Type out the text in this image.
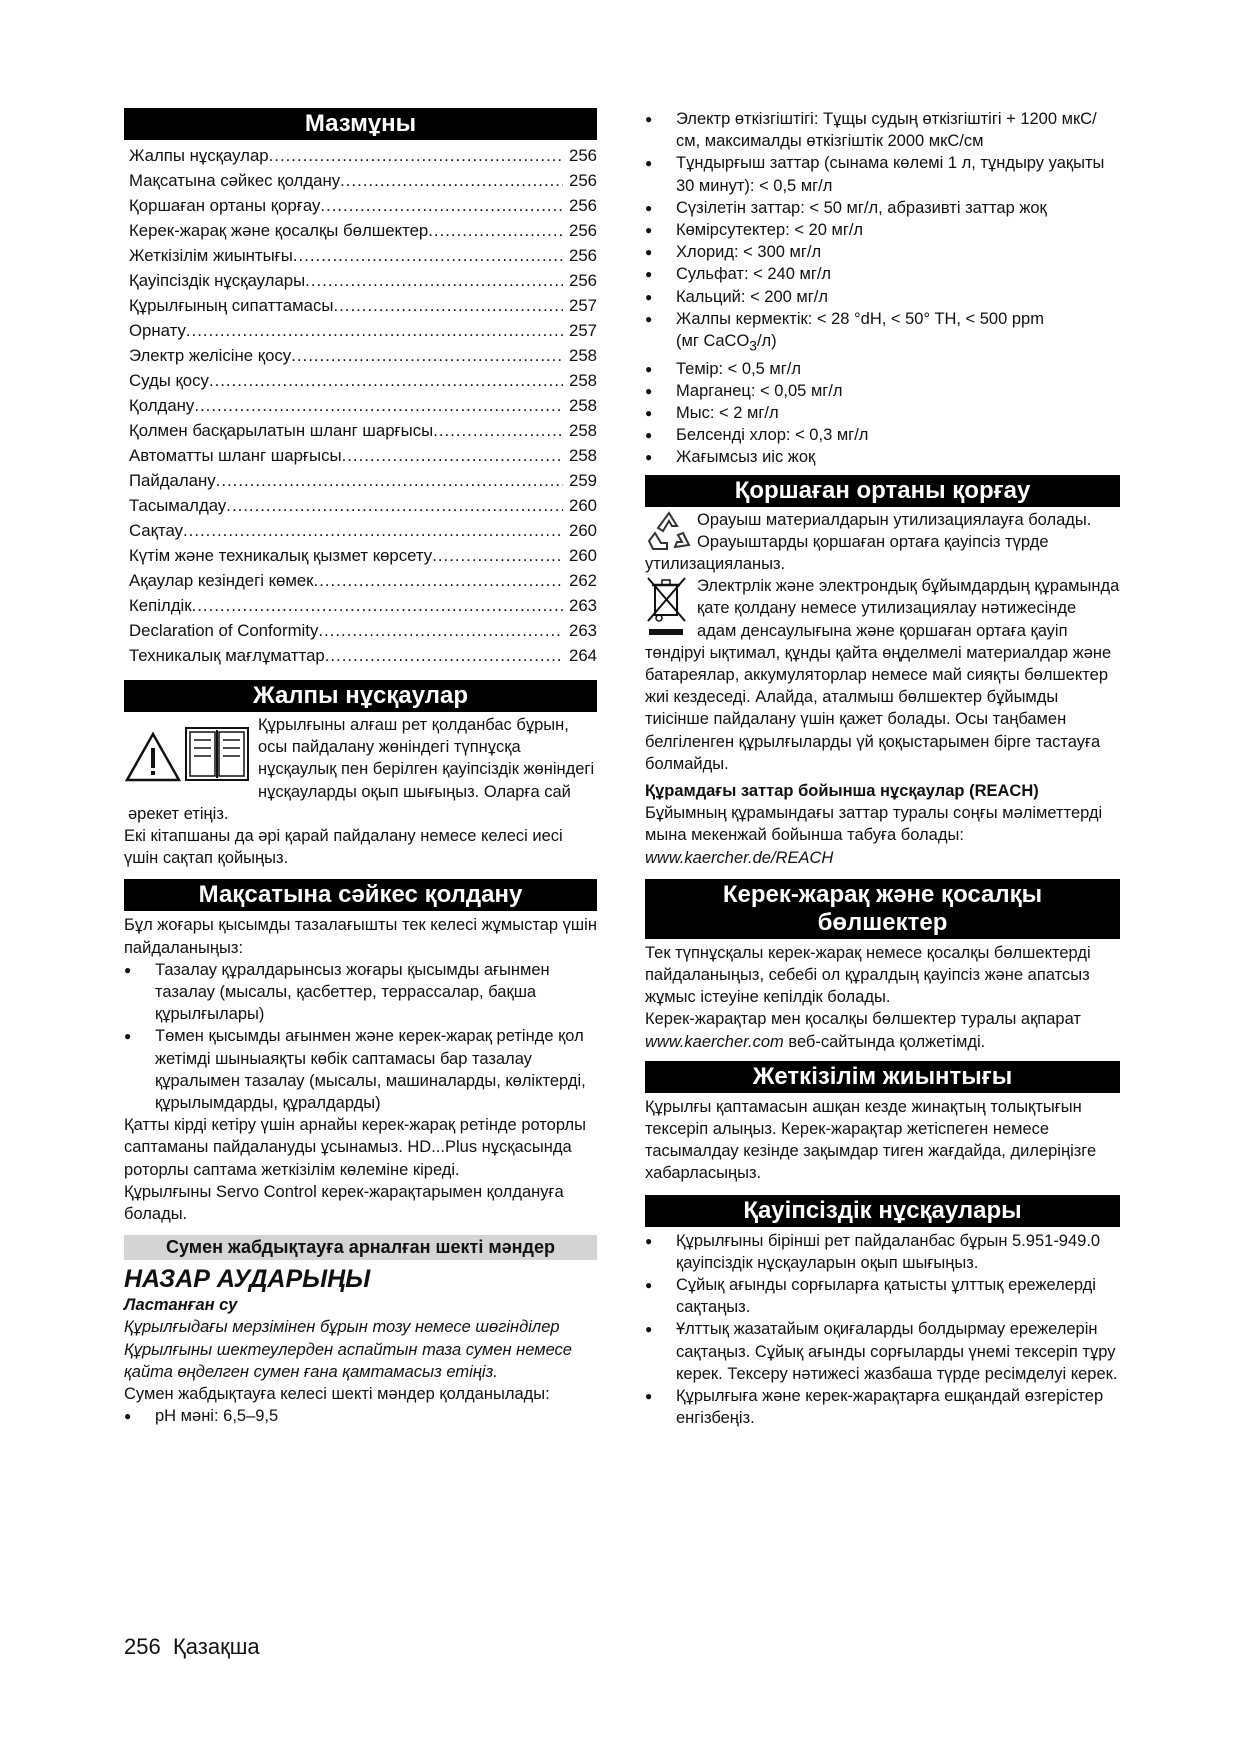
Мазмұны
Жалпы нұсқаулар .....	256
Мақсатына сәйкес қолдану .....	256
Қоршаған ортаны қорғау .....	256
Керек-жарақ және қосалқы бөлшектер .....	256
Жеткізілім жиынтығы .....	256
Қауіпсіздік нұсқаулары .....	256
Құрылғының сипаттамасы .....	257
Орнату .....	257
Электр желісіне қосу .....	258
Суды қосу .....	258
Қолдану .....	258
Қолмен басқарылатын шланг шарғысы .....	258
Автоматты шланг шарғысы .....	258
Пайдалану .....	259
Тасымалдау .....	260
Сақтау .....	260
Күтім және техникалық қызмет көрсету .....	260
Ақаулар кезіндегі көмек .....	262
Кепілдік .....	263
Declaration of Conformity .....	263
Техникалық мағлұматтар .....	264
Жалпы нұсқаулар
Құрылғыны алғаш рет қолданбас бұрын, осы пайдалану жөніндегі түпнұсқа нұсқаулық пен берілген қауіпсіздік жөніндегі нұсқауларды оқып шығыңыз. Оларға сай әрекет етіңіз.
Екі кітапшаны да әрі қарай пайдалану немесе келесі иесі үшін сақтап қойыңыз.
Мақсатына сәйкес қолдану
Бұл жоғары қысымды тазалағышты тек келесі жұмыстар үшін пайдаланыңыз:
● Тазалау құралдарынсыз жоғары қысымды ағынмен тазалау (мысалы, қасбеттер, террассалар, бақша құрылғылары)
● Төмен қысымды ағынмен және керек-жарақ ретінде қол жетімді шыныаяқты көбік саптамасы бар тазалау құралымен тазалау (мысалы, машиналарды, көліктерді, құрылымдарды, құралдарды)
Қатты кірді кетіру үшін арнайы керек-жарақ ретінде роторлы саптаманы пайдалануды ұсынамыз. HD...Plus нұсқасында роторлы саптама жеткізілім көлеміне кіреді.
Құрылғыны Servo Control керек-жарақтарымен қолдануға болады.
Сумен жабдықтауға арналған шекті мәндер
НАЗАР АУДАРЫҢЫ
Ластанған су
Құрылғыдағы мерзімінен бұрын тозу немесе шөгінділер
Құрылғыны шектеулерден аспайтын таза сумен немесе қайта өңделген сумен ғана қамтамасыз етіңіз.
Сумен жабдықтауға келесі шекті мәндер қолданылады:
● pH мәні: 6,5–9,5
● Электр өткізгіштігі: Тұщы судың өткізгіштігі + 1200 мкС/см, максималды өткізгіштік 2000 мкС/см
● Тұндырғыш заттар (сынама көлемі 1 л, тұндыру уақыты 30 минут): < 0,5 мг/л
● Сүзілетін заттар: < 50 мг/л, абразивті заттар жоқ
● Көмірсутектер: < 20 мг/л
● Хлорид: < 300 мг/л
● Сульфат: < 240 мг/л
● Кальций: < 200 мг/л
● Жалпы кермектік: < 28 °dH, < 50° TH, < 500 ppm
(мг CaCO$_3$/л)
● Темір: < 0,5 мг/л
● Марганец: < 0,05 мг/л
● Мыс: < 2 мг/л
● Белсенді хлор: < 0,3 мг/л
● Жағымсыз иіс жоқ
Қоршаған ортаны қорғау
Орауыш материалдарын утилизациялауға болады. Орауыштарды қоршаған ортаға қауіпсіз түрде утилизацияланыз.
Электрлік және электрондық бұйымдардың құрамында қате қолдану немесе утилизациялау нәтижесінде адам денсаулығына және қоршаған ортаға қауіп төндіруі ықтимал, құнды қайта өңделмелі материалдар және батареялар, аккумуляторлар немесе май сияқты бөлшектер жиі кездеседі. Алайда, аталмыш бөлшектер бұйымды тиісінше пайдалану үшін қажет болады. Осы таңбамен белгіленген құрылғыларды үй қоқыстарымен бірге тастауға болмайды.
Құрамдағы заттар бойынша нұсқаулар (REACH)
Бұйымның құрамындағы заттар туралы соңғы мәліметтерді мына мекенжай бойынша табуға болады: www.kaercher.de/REACH
Керек-жарақ және қосалқы бөлшектер
Тек түпнұсқалы керек-жарақ немесе қосалқы бөлшектерді пайдаланыңыз, себебі ол құралдың қауіпсіз және апатсыз жұмыс істеуіне кепілдік болады.
Керек-жарақтар мен қосалқы бөлшектер туралы ақпарат www.kaercher.com веб-сайтында қолжетімді.
Жеткізілім жиынтығы
Құрылғы қаптамасын ашқан кезде жинақтың толықтығын тексеріп алыңыз. Керек-жарақтар жетіспеген немесе тасымалдау кезінде зақымдар тиген жағдайда, дилеріңізге хабарласыңыз.
Қауіпсіздік нұсқаулары
● Құрылғыны бірінші рет пайдаланбас бұрын 5.951-949.0 қауіпсіздік нұсқауларын оқып шығыңыз.
● Сұйық ағынды сорғыларға қатысты ұлттық ережелерді сақтаңыз.
● Ұлттық жазатайым оқиғаларды болдырмау ережелерін сақтаңыз. Сұйық ағынды сорғыларды үнемі тексеріп тұру керек. Тексеру нәтижесі жазбаша түрде ресімделуі керек.
● Құрылғыға және керек-жарақтарға ешқандай өзгерістер енгізбеңіз.
256 Қазақша
